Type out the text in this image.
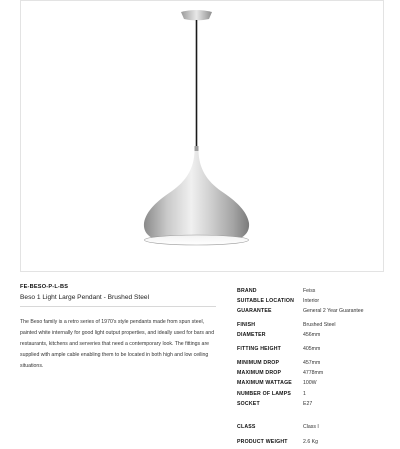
FE-BESO-P-L-BS
Beso 1 Light Large Pendant - Brushed Steel

The Beso family is a retro series of 1970's style pendants made from spun steel, painted white internally for good light output properties, and ideally used for bars and restaurants, kitchens and serveries that need a contemporary look. The fittings are supplied with ample cable enabling them to be located in both high and low ceiling situations.

BRAND	Feiss
SUITABLE LOCATION Interior
GUARANTEE	General 2 Year Guarantee
FINISH	Brushed Steel
DIAMETER	456mm
FITTING HEIGHT	405mm
MINIMUM DROP	457mm
MAXIMUM DROP	4778mm
MAXIMUM WATTAGE 100W
NUMBER OF LAMPS 1
SOCKET	E27
CLASS	Class I
PRODUCT WEIGHT	2.6 Kg
